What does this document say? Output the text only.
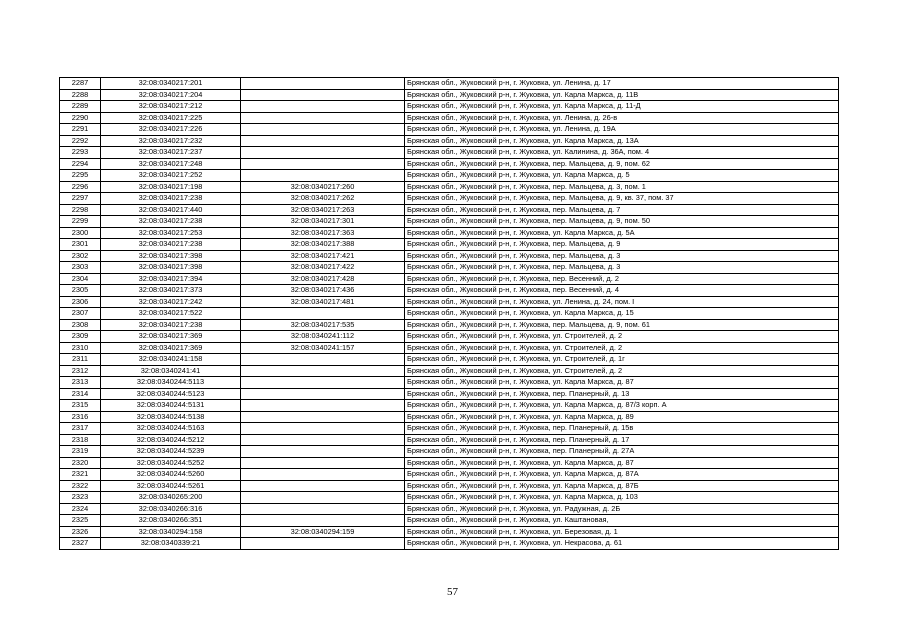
2287	32:08:0340217:201		Брянская обл., Жуковский р-н, г. Жуковка, ул. Ленина, д. 17
2288	32:08:0340217:204		Брянская обл., Жуковский р-н, г. Жуковка, ул. Карла Маркса, д. 11В
2289	32:08:0340217:212		Брянская обл., Жуковский р-н, г. Жуковка, ул. Карла Маркса, д. 11-Д
2290	32:08:0340217:225		Брянская обл., Жуковский р-н, г. Жуковка, ул. Ленина, д. 26-в
2291	32:08:0340217:226		Брянская обл., Жуковский р-н, г. Жуковка, ул. Ленина, д. 19А
2292	32:08:0340217:232		Брянская обл., Жуковский р-н, г. Жуковка, ул. Карла Маркса, д. 13А
2293	32:08:0340217:237		Брянская обл., Жуковский р-н, г. Жуковка, ул. Калинина, д. 36А, пом. 4
2294	32:08:0340217:248		Брянская обл., Жуковский р-н, г. Жуковка, пер. Мальцева, д. 9, пом. 62
2295	32:08:0340217:252		Брянская обл., Жуковский р-н, г. Жуковка, ул. Карла Маркса, д. 5
2296	32:08:0340217:198	32:08:0340217:260	Брянская обл., Жуковский р-н, г. Жуковка, пер. Мальцева, д. 3, пом. 1
2297	32:08:0340217:238	32:08:0340217:262	Брянская обл., Жуковский р-н, г. Жуковка, пер. Мальцева, д. 9, кв. 37, пом. 37
2298	32:08:0340217:440	32:08:0340217:263	Брянская обл., Жуковский р-н, г. Жуковка, пер. Мальцева, д. 7
2299	32:08:0340217:238	32:08:0340217:301	Брянская обл., Жуковский р-н, г. Жуковка, пер. Мальцева, д. 9, пом. 50
2300	32:08:0340217:253	32:08:0340217:363	Брянская обл., Жуковский р-н, г. Жуковка, ул. Карла Маркса, д. 5А
2301	32:08:0340217:238	32:08:0340217:388	Брянская обл., Жуковский р-н, г. Жуковка, пер. Мальцева, д. 9
2302	32:08:0340217:398	32:08:0340217:421	Брянская обл., Жуковский р-н, г. Жуковка, пер. Мальцева, д. 3
2303	32:08:0340217:398	32:08:0340217:422	Брянская обл., Жуковский р-н, г. Жуковка, пер. Мальцева, д. 3
2304	32:08:0340217:394	32:08:0340217:428	Брянская обл., Жуковский р-н, г. Жуковка, пер. Весенний, д. 2
2305	32:08:0340217:373	32:08:0340217:436	Брянская обл., Жуковский р-н, г. Жуковка, пер. Весенний, д. 4
2306	32:08:0340217:242	32:08:0340217:481	Брянская обл., Жуковский р-н, г. Жуковка, ул. Ленина, д. 24, пом. I
2307	32:08:0340217:522		Брянская обл., Жуковский р-н, г. Жуковка, ул. Карла Маркса, д. 15
2308	32:08:0340217:238	32:08:0340217:535	Брянская обл., Жуковский р-н, г. Жуковка, пер. Мальцева, д. 9, пом. 61
2309	32:08:0340217:369	32:08:0340241:112	Брянская обл., Жуковский р-н, г. Жуковка, ул. Строителей, д. 2
2310	32:08:0340217:369	32:08:0340241:157	Брянская обл., Жуковский р-н, г. Жуковка, ул. Строителей, д. 2
2311	32:08:0340241:158		Брянская обл., Жуковский р-н, г. Жуковка, ул. Строителей, д. 1г
2312	32:08:0340241:41		Брянская обл., Жуковский р-н, г. Жуковка, ул. Строителей, д. 2
2313	32:08:0340244:5113		Брянская обл., Жуковский р-н, г. Жуковка, ул. Карла Маркса, д. 87
2314	32:08:0340244:5123		Брянская обл., Жуковский р-н, г. Жуковка, пер. Планерный, д. 13
2315	32:08:0340244:5131		Брянская обл., Жуковский р-н, г. Жуковка, ул. Карла Маркса, д. 87/3 корп. А
2316	32:08:0340244:5138		Брянская обл., Жуковский р-н, г. Жуковка, ул. Карла Маркса, д. 89
2317	32:08:0340244:5163		Брянская обл., Жуковский р-н, г. Жуковка, пер. Планерный, д. 15в
2318	32:08:0340244:5212		Брянская обл., Жуковский р-н, г. Жуковка, пер. Планерный, д. 17
2319	32:08:0340244:5239		Брянская обл., Жуковский р-н, г. Жуковка, пер. Планерный, д. 27А
2320	32:08:0340244:5252		Брянская обл., Жуковский р-н, г. Жуковка, ул. Карла Маркса, д. 87
2321	32:08:0340244:5260		Брянская обл., Жуковский р-н, г. Жуковка, ул. Карла Маркса, д. 87А
2322	32:08:0340244:5261		Брянская обл., Жуковский р-н, г. Жуковка, ул. Карла Маркса, д. 87Б
2323	32:08:0340265:200		Брянская обл., Жуковский р-н, г. Жуковка, ул. Карла Маркса, д. 103
2324	32:08:0340266:316		Брянская обл., Жуковский р-н, г. Жуковка, ул. Радужная, д. 2Б
2325	32:08:0340266:351		Брянская обл., Жуковский р-н, г. Жуковка, ул. Каштановая,
2326	32:08:0340294:158	32:08:0340294:159	Брянская обл., Жуковский р-н, г. Жуковка, ул. Березовая, д. 1
2327	32:08:0340339:21		Брянская обл., Жуковский р-н, г. Жуковка, ул. Некрасова, д. 61
57
